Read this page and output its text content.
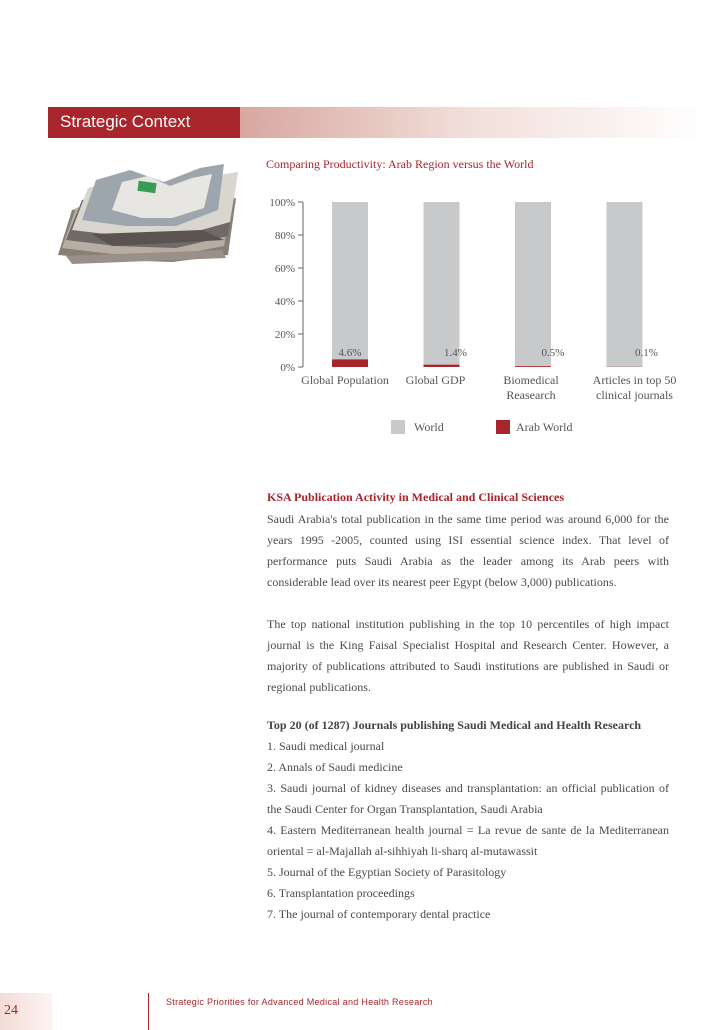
Strategic Context
Comparing Productivity: Arab Region versus the World
0%
20%
40%
60%
80%
100%
4.6%
Global Population
1.4%
Global GDP
0.5%
Biomedical
Reasearch
0.1%
Articles in top 50
clinical journals
World	Arab World
KSA Publication Activity in Medical and Clinical Sciences

Saudi Arabia's total publication in the same time period was around 6,000 for the years 1995 -2005, counted using ISI essential science index. That level of performance puts Saudi Arabia as the leader among its Arab peers with considerable lead over its nearest peer Egypt (below 3,000) publications.

The top national institution publishing in the top 10 percentiles of high impact journal is the King Faisal Specialist Hospital and Research Center. However, a majority of publications attributed to Saudi institutions are published in Saudi or regional publications.

Top 20 (of 1287) Journals publishing Saudi Medical and Health Research
1. Saudi medical journal
2. Annals of Saudi medicine
3. Saudi journal of kidney diseases and transplantation: an official publication of the Saudi Center for Organ Transplantation, Saudi Arabia
4. Eastern Mediterranean health journal = La revue de sante de la Mediterranean oriental = al-Majallah al-sihhiyah li-sharq al-mutawassit
5. Journal of the Egyptian Society of Parasitology
6. Transplantation proceedings
7. The journal of contemporary dental practice
24
Strategic Priorities for Advanced Medical and Health Research
